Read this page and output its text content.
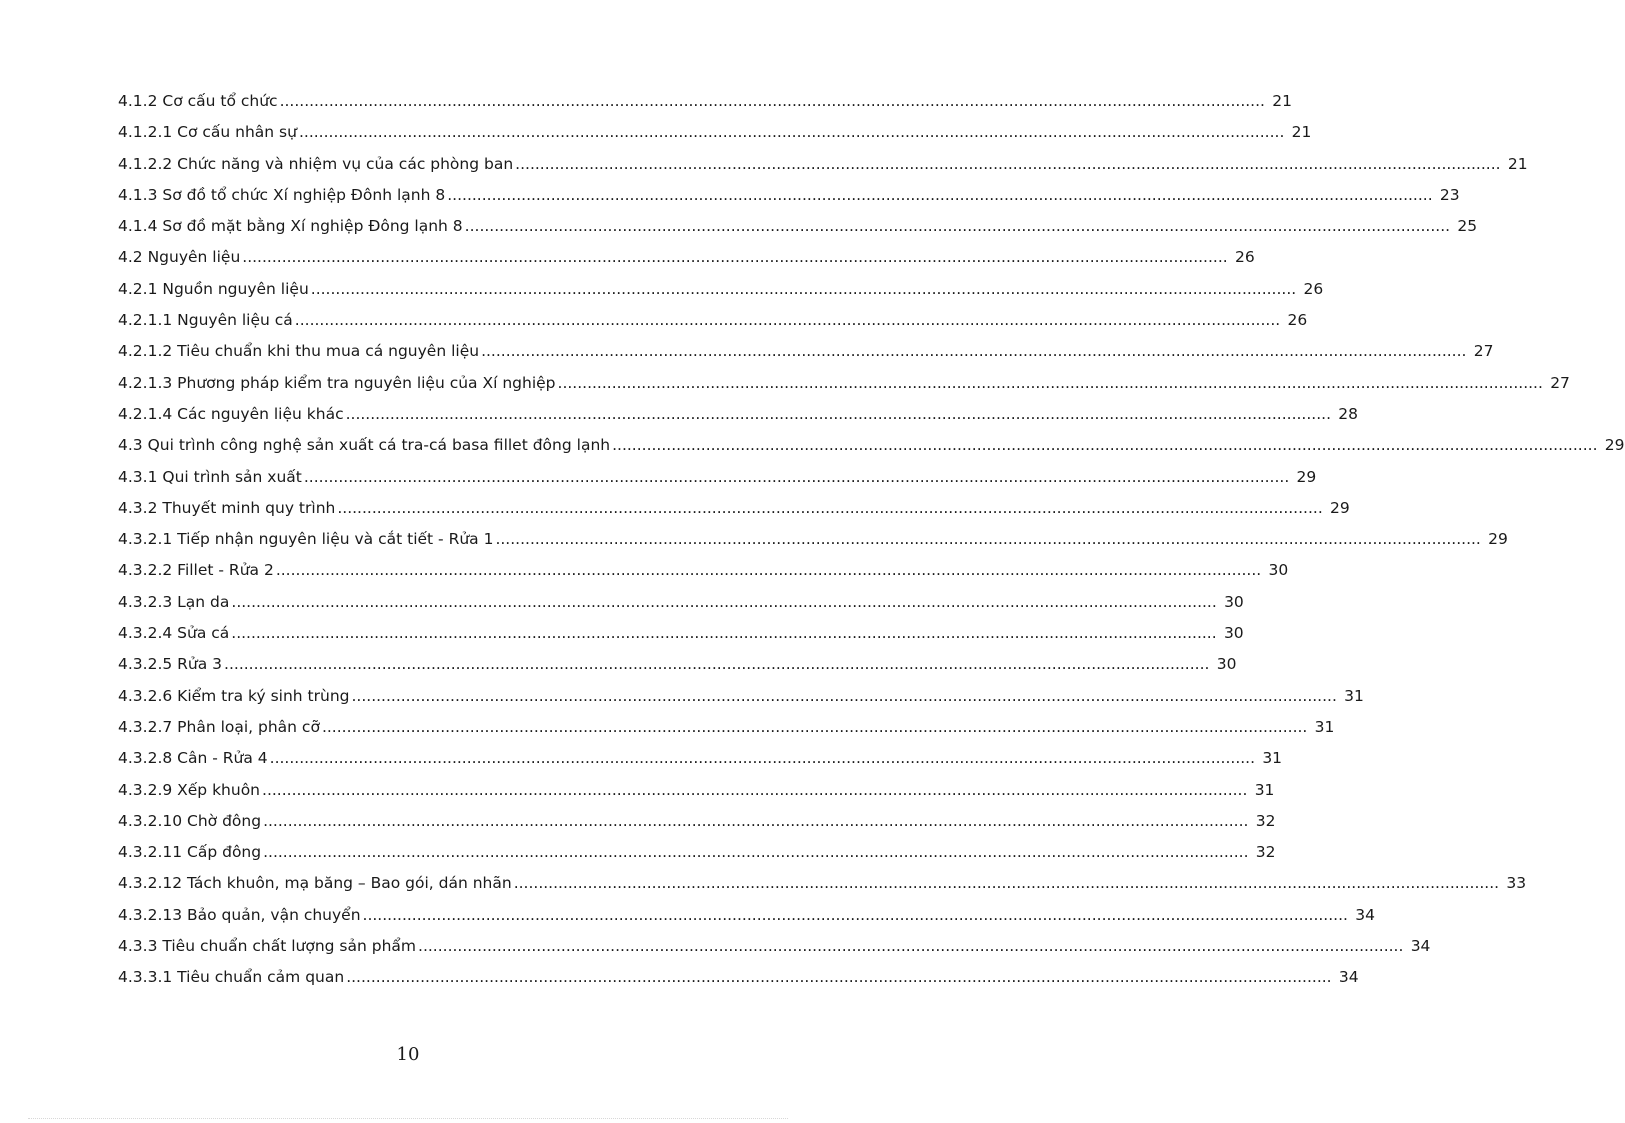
4.1.2 Cơ cấu tổ chức ........................................................................................................................................................................................................ 21
4.1.2.1 Cơ cấu nhân sự ........................................................................................................................................................................................................ 21
4.1.2.2 Chức năng và nhiệm vụ của các phòng ban ........................................................................................................................................................................................................ 21
4.1.3 Sơ đồ tổ chức Xí nghiệp Đônh lạnh 8 ........................................................................................................................................................................................................ 23
4.1.4 Sơ đồ mặt bằng Xí nghiệp Đông lạnh 8 ........................................................................................................................................................................................................ 25
4.2 Nguyên liệu ........................................................................................................................................................................................................ 26
4.2.1 Nguồn nguyên liệu ........................................................................................................................................................................................................ 26
4.2.1.1 Nguyên liệu cá ........................................................................................................................................................................................................ 26
4.2.1.2 Tiêu chuẩn khi thu mua cá nguyên liệu ........................................................................................................................................................................................................ 27
4.2.1.3 Phương pháp kiểm tra nguyên liệu của Xí nghiệp ........................................................................................................................................................................................................ 27
4.2.1.4 Các nguyên liệu khác ........................................................................................................................................................................................................ 28
4.3 Qui trình công nghệ sản xuất cá tra-cá basa fillet đông lạnh ........................................................................................................................................................................................................ 29
4.3.1 Qui trình sản xuất ........................................................................................................................................................................................................ 29
4.3.2 Thuyết minh quy trình ........................................................................................................................................................................................................ 29
4.3.2.1 Tiếp nhận nguyên liệu và cắt tiết - Rửa 1 ........................................................................................................................................................................................................ 29
4.3.2.2 Fillet - Rửa 2 ........................................................................................................................................................................................................ 30
4.3.2.3 Lạn da ........................................................................................................................................................................................................ 30
4.3.2.4 Sửa cá ........................................................................................................................................................................................................ 30
4.3.2.5 Rửa 3 ........................................................................................................................................................................................................ 30
4.3.2.6 Kiểm tra ký sinh trùng ........................................................................................................................................................................................................ 31
4.3.2.7 Phân loại, phân cỡ ........................................................................................................................................................................................................ 31
4.3.2.8 Cân - Rửa 4 ........................................................................................................................................................................................................ 31
4.3.2.9 Xếp khuôn ........................................................................................................................................................................................................ 31
4.3.2.10 Chờ đông ........................................................................................................................................................................................................ 32
4.3.2.11 Cấp đông ........................................................................................................................................................................................................ 32
4.3.2.12 Tách khuôn, mạ băng – Bao gói, dán nhãn ........................................................................................................................................................................................................ 33
4.3.2.13 Bảo quản, vận chuyển ........................................................................................................................................................................................................ 34
4.3.3 Tiêu chuẩn chất lượng sản phẩm ........................................................................................................................................................................................................ 34
4.3.3.1 Tiêu chuẩn cảm quan ........................................................................................................................................................................................................ 34
10
